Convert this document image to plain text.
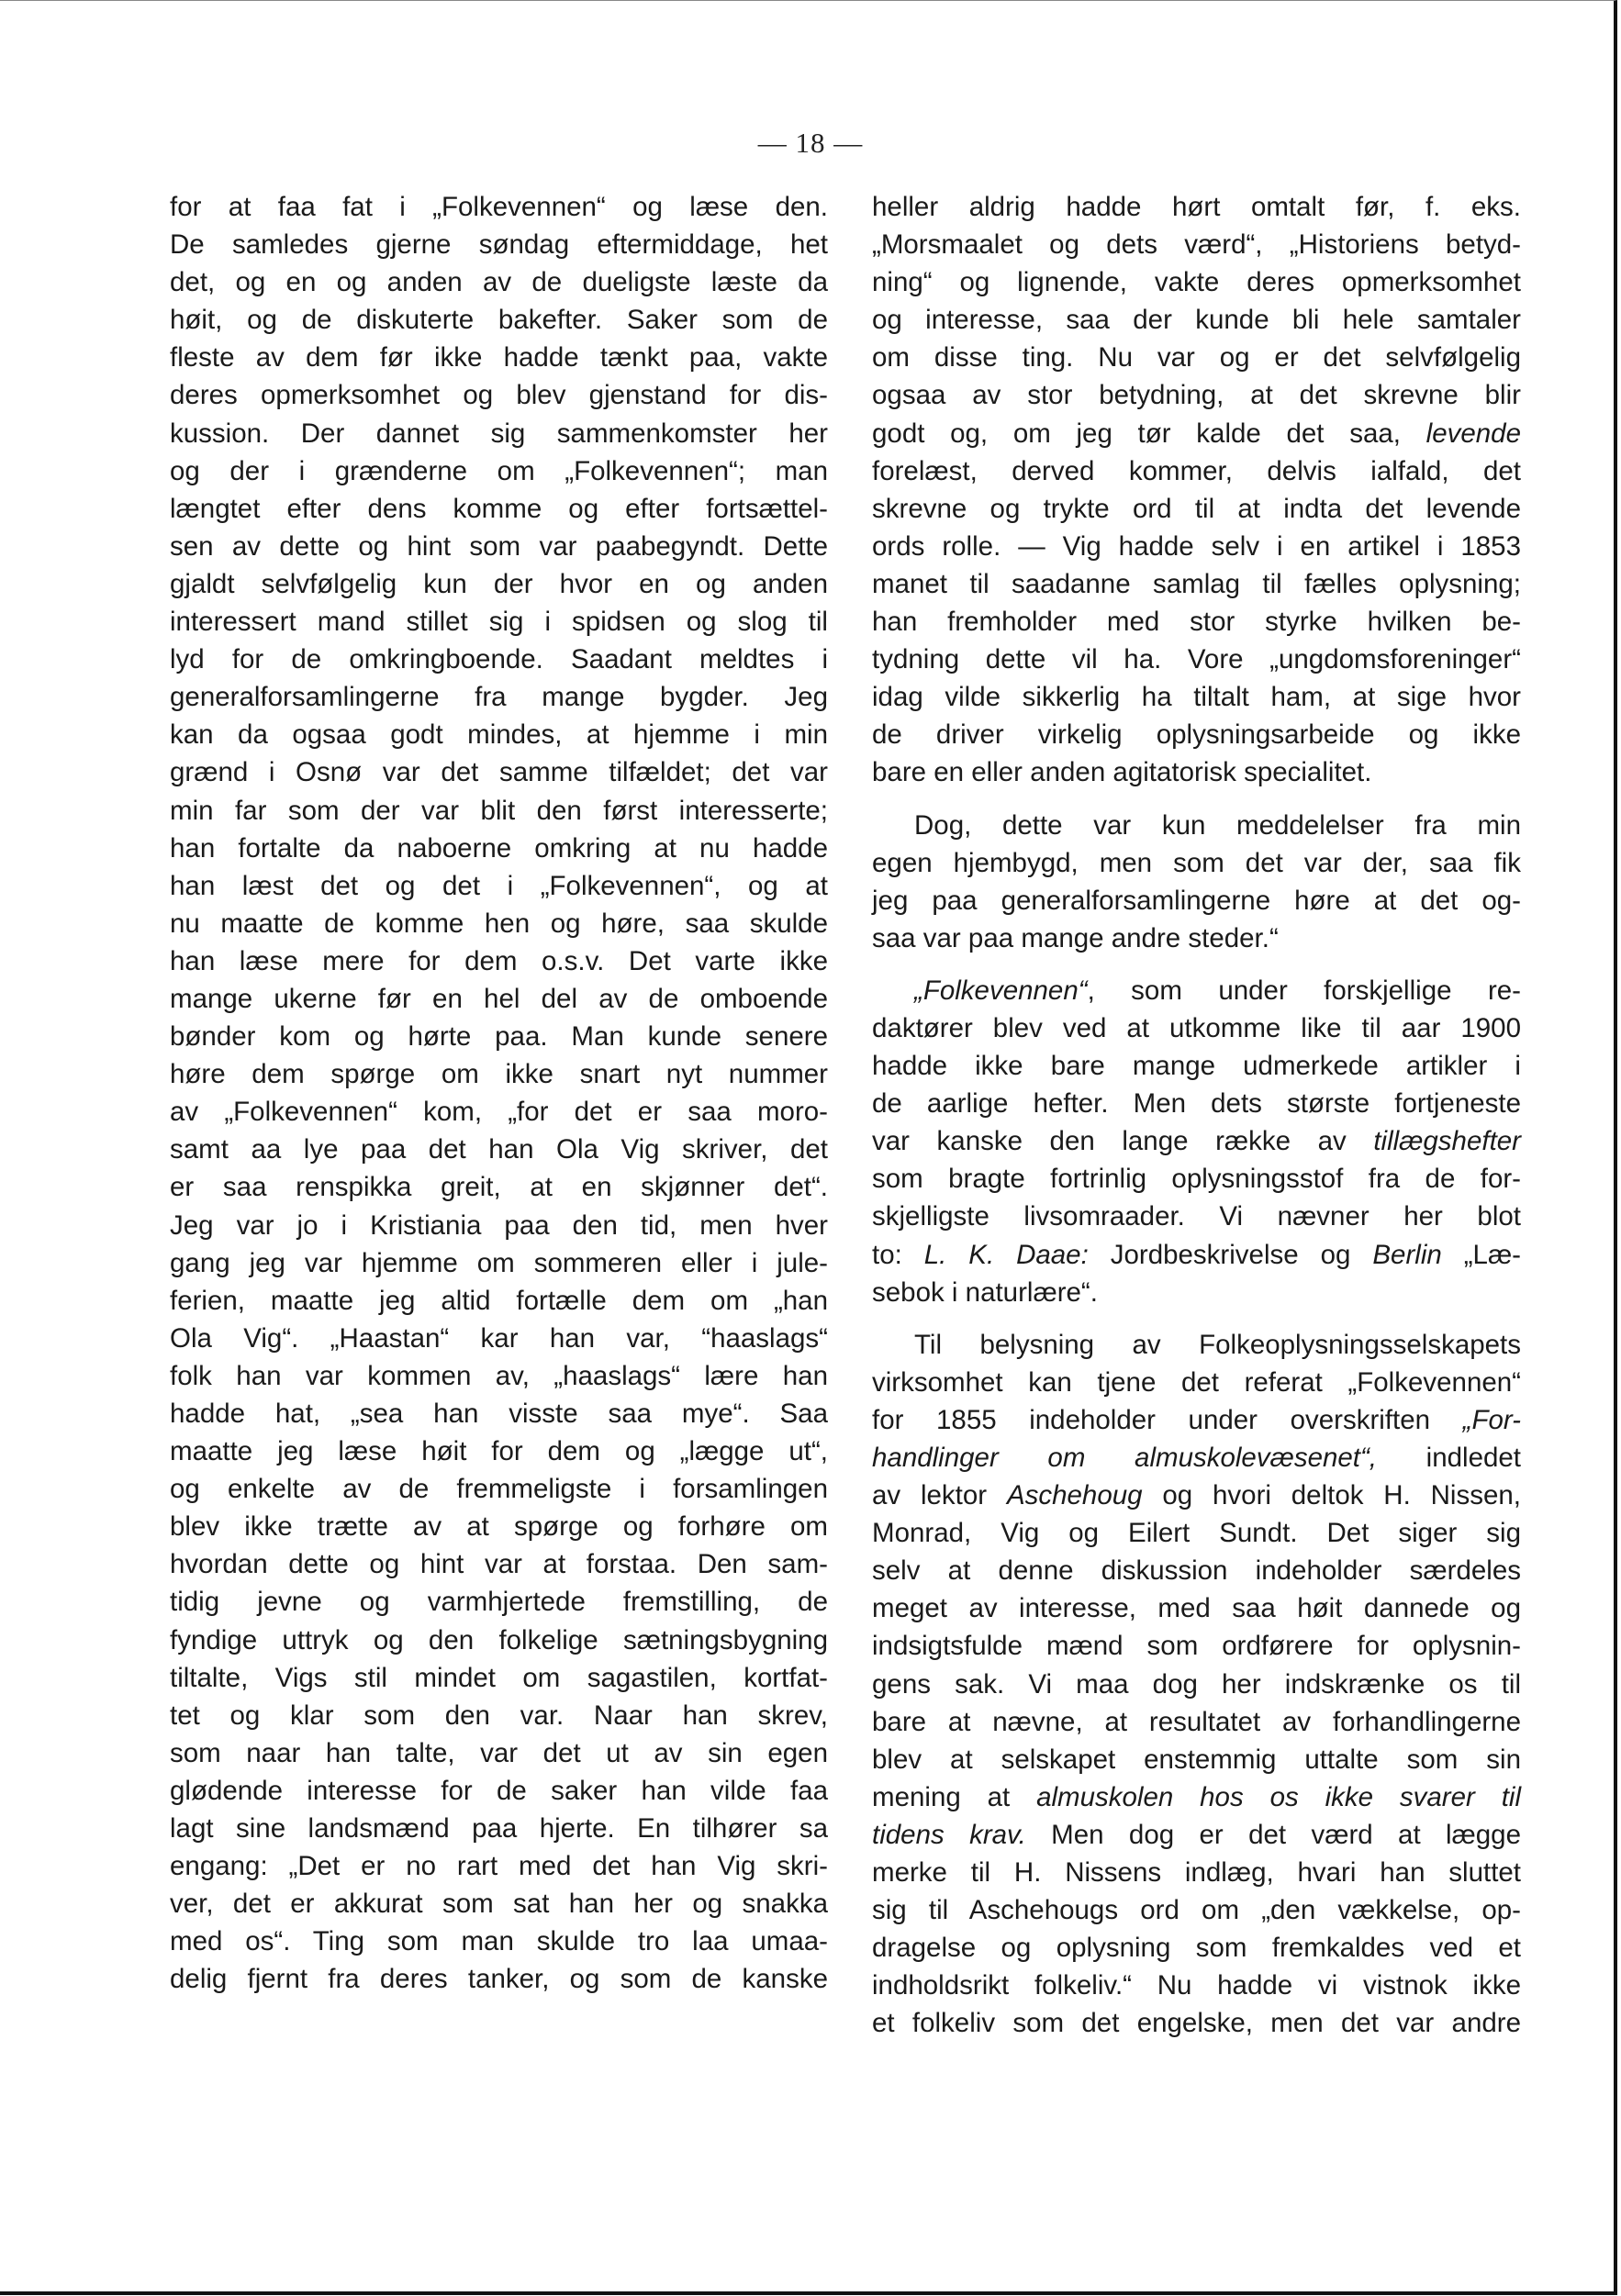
— 18 —
for at faa fat i „Folkevennen“ og læse den.
De samledes gjerne søndag eftermiddage, het
det, og en og anden av de dueligste læste da
høit, og de diskuterte bakefter. Saker som de
fleste av dem før ikke hadde tænkt paa, vakte
deres opmerksomhet og blev gjenstand for dis-
kussion. Der dannet sig sammenkomster her
og der i grænderne om „Folkevennen“; man
længtet efter dens komme og efter fortsættel-
sen av dette og hint som var paabegyndt. Dette
gjaldt selvfølgelig kun der hvor en og anden
interessert mand stillet sig i spidsen og slog til
lyd for de omkringboende. Saadant meldtes i
generalforsamlingerne fra mange bygder. Jeg
kan da ogsaa godt mindes, at hjemme i min
grænd i Osnø var det samme tilfældet; det var
min far som der var blit den først interesserte;
han fortalte da naboerne omkring at nu hadde
han læst det og det i „Folkevennen“, og at
nu maatte de komme hen og høre, saa skulde
han læse mere for dem o.s.v. Det varte ikke
mange ukerne før en hel del av de omboende
bønder kom og hørte paa. Man kunde senere
høre dem spørge om ikke snart nyt nummer
av „Folkevennen“ kom, „for det er saa moro-
samt aa lye paa det han Ola Vig skriver, det
er saa renspikka greit, at en skjønner det“.
Jeg var jo i Kristiania paa den tid, men hver
gang jeg var hjemme om sommeren eller i jule-
ferien, maatte jeg altid fortælle dem om „han
Ola Vig“. „Haastan“ kar han var, “haaslags“
folk han var kommen av, „haaslags“ lære han
hadde hat, „sea han visste saa mye“. Saa
maatte jeg læse høit for dem og „lægge ut“,
og enkelte av de fremmeligste i forsamlingen
blev ikke trætte av at spørge og forhøre om
hvordan dette og hint var at forstaa. Den sam-
tidig jevne og varmhjertede fremstilling, de
fyndige uttryk og den folkelige sætningsbygning
tiltalte, Vigs stil mindet om sagastilen, kortfat-
tet og klar som den var. Naar han skrev,
som naar han talte, var det ut av sin egen
glødende interesse for de saker han vilde faa
lagt sine landsmænd paa hjerte. En tilhører sa
engang: „Det er no rart med det han Vig skri-
ver, det er akkurat som sat han her og snakka
med os“. Ting som man skulde tro laa umaa-
delig fjernt fra deres tanker, og som de kanske
heller aldrig hadde hørt omtalt før, f. eks.
„Morsmaalet og dets værd“, „Historiens betyd-
ning“ og lignende, vakte deres opmerksomhet
og interesse, saa der kunde bli hele samtaler
om disse ting. Nu var og er det selvfølgelig
ogsaa av stor betydning, at det skrevne blir
godt og, om jeg tør kalde det saa, levende
forelæst, derved kommer, delvis ialfald, det
skrevne og trykte ord til at indta det levende
ords rolle. — Vig hadde selv i en artikel i 1853
manet til saadanne samlag til fælles oplysning;
han fremholder med stor styrke hvilken be-
tydning dette vil ha. Vore „ungdomsforeninger“
idag vilde sikkerlig ha tiltalt ham, at sige hvor
de driver virkelig oplysningsarbeide og ikke
bare en eller anden agitatorisk specialitet.
Dog, dette var kun meddelelser fra min
egen hjembygd, men som det var der, saa fik
jeg paa generalforsamlingerne høre at det og-
saa var paa mange andre steder.“
„Folkevennen“, som under forskjellige re-
daktører blev ved at utkomme like til aar 1900
hadde ikke bare mange udmerkede artikler i
de aarlige hefter. Men dets største fortjeneste
var kanske den lange række av tillægshefter
som bragte fortrinlig oplysningsstof fra de for-
skjelligste livsomraader. Vi nævner her blot
to: L. K. Daae: Jordbeskrivelse og Berlin „Læ-
sebok i naturlære“.
Til belysning av Folkeoplysningsselskapets
virksomhet kan tjene det referat „Folkevennen“
for 1855 indeholder under overskriften „For-
handlinger om almuskolevæsenet“, indledet
av lektor Aschehoug og hvori deltok H. Nissen,
Monrad, Vig og Eilert Sundt. Det siger sig
selv at denne diskussion indeholder særdeles
meget av interesse, med saa høit dannede og
indsigtsfulde mænd som ordførere for oplysnin-
gens sak. Vi maa dog her indskrænke os til
bare at nævne, at resultatet av forhandlingerne
blev at selskapet enstemmig uttalte som sin
mening at almuskolen hos os ikke svarer til
tidens krav. Men dog er det værd at lægge
merke til H. Nissens indlæg, hvari han sluttet
sig til Aschehougs ord om „den vækkelse, op-
dragelse og oplysning som fremkaldes ved et
indholdsrikt folkeliv.“ Nu hadde vi vistnok ikke
et folkeliv som det engelske, men det var andre
